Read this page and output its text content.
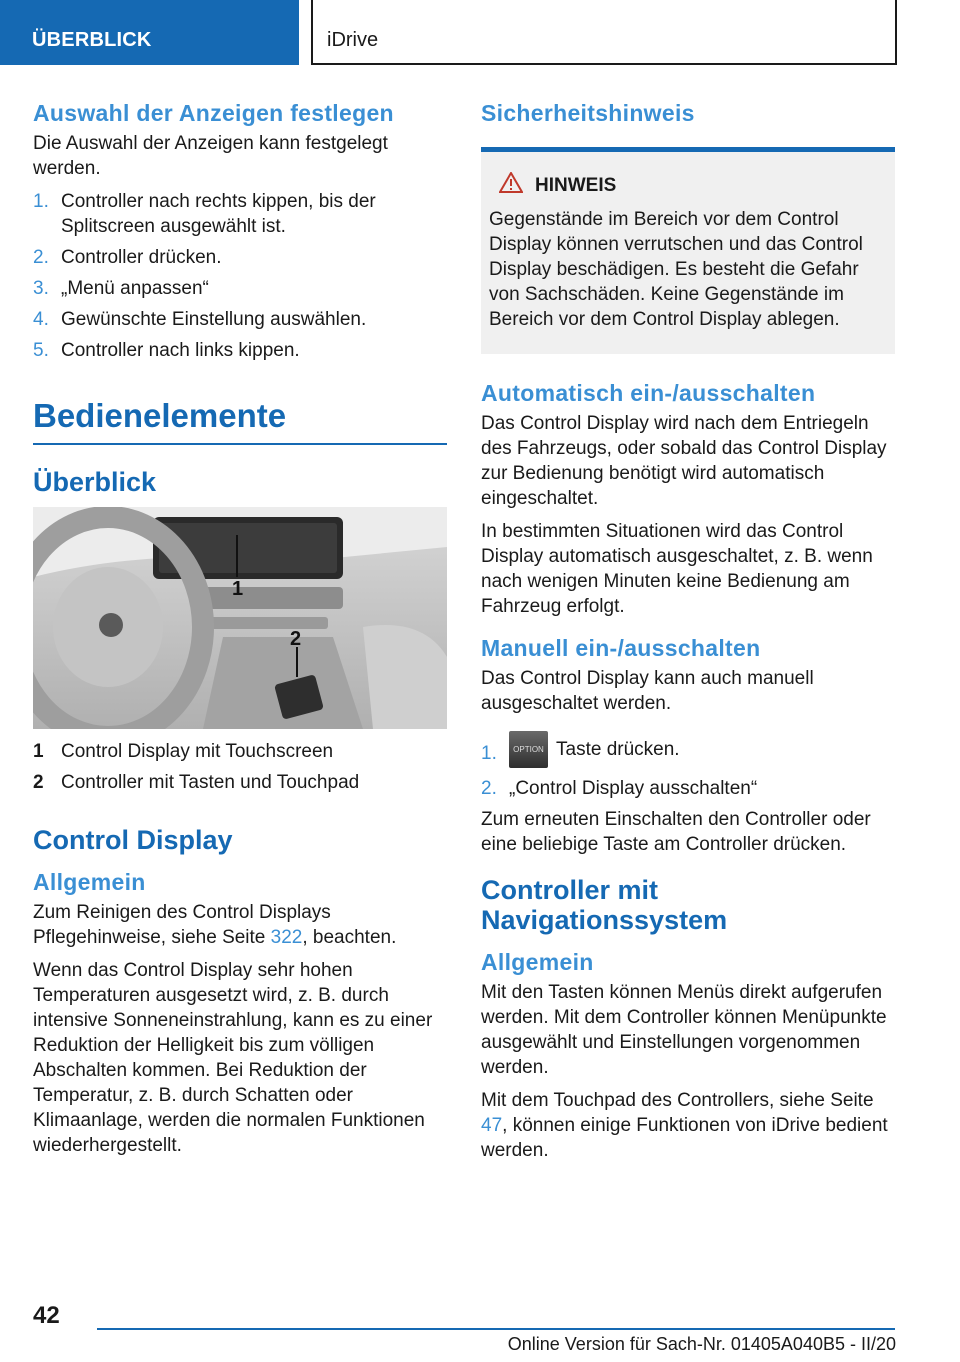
ÜBERBLICK	iDrive
Auswahl der Anzeigen festlegen

Die Auswahl der Anzeigen kann festgelegt werden.

1. Controller nach rechts kippen, bis der Splitscreen ausgewählt ist.
2. Controller drücken.
3. „Menü anpassen“
4. Gewünschte Einstellung auswählen.
5. Controller nach links kippen.
Bedienelemente
Überblick
1
2
1 Control Display mit Touchscreen
2 Controller mit Tasten und Touchpad
Control Display
Allgemein

Zum Reinigen des Control Displays Pflegehinweise, siehe Seite 322, beachten.

Wenn das Control Display sehr hohen Temperaturen ausgesetzt wird, z. B. durch intensive Sonneneinstrahlung, kann es zu einer Reduktion der Helligkeit bis zum völligen Abschalten kommen. Bei Reduktion der Temperatur, z. B. durch Schatten oder Klimaanlage, werden die normalen Funktionen wiederhergestellt.

Sicherheitshinweis
HINWEIS

Gegenstände im Bereich vor dem Control Display können verrutschen und das Control Display beschädigen. Es besteht die Gefahr von Sachschäden. Keine Gegenstände im Bereich vor dem Control Display ablegen.

Automatisch ein-/ausschalten

Das Control Display wird nach dem Entriegeln des Fahrzeugs, oder sobald das Control Display zur Bedienung benötigt wird automatisch eingeschaltet.

In bestimmten Situationen wird das Control Display automatisch ausgeschaltet, z. B. wenn nach wenigen Minuten keine Bedienung am Fahrzeug erfolgt.

Manuell ein-/ausschalten

Das Control Display kann auch manuell ausgeschaltet werden.

1. OPTION Taste drücken.
2. „Control Display ausschalten“

Zum erneuten Einschalten den Controller oder eine beliebige Taste am Controller drücken.

Controller mit Navigationssystem
Allgemein

Mit den Tasten können Menüs direkt aufgerufen werden. Mit dem Controller können Menüpunkte ausgewählt und Einstellungen vorgenommen werden.

Mit dem Touchpad des Controllers, siehe Seite 47, können einige Funktionen von iDrive bedient werden.

42
Online Version für Sach-Nr. 01405A040B5 - II/20
